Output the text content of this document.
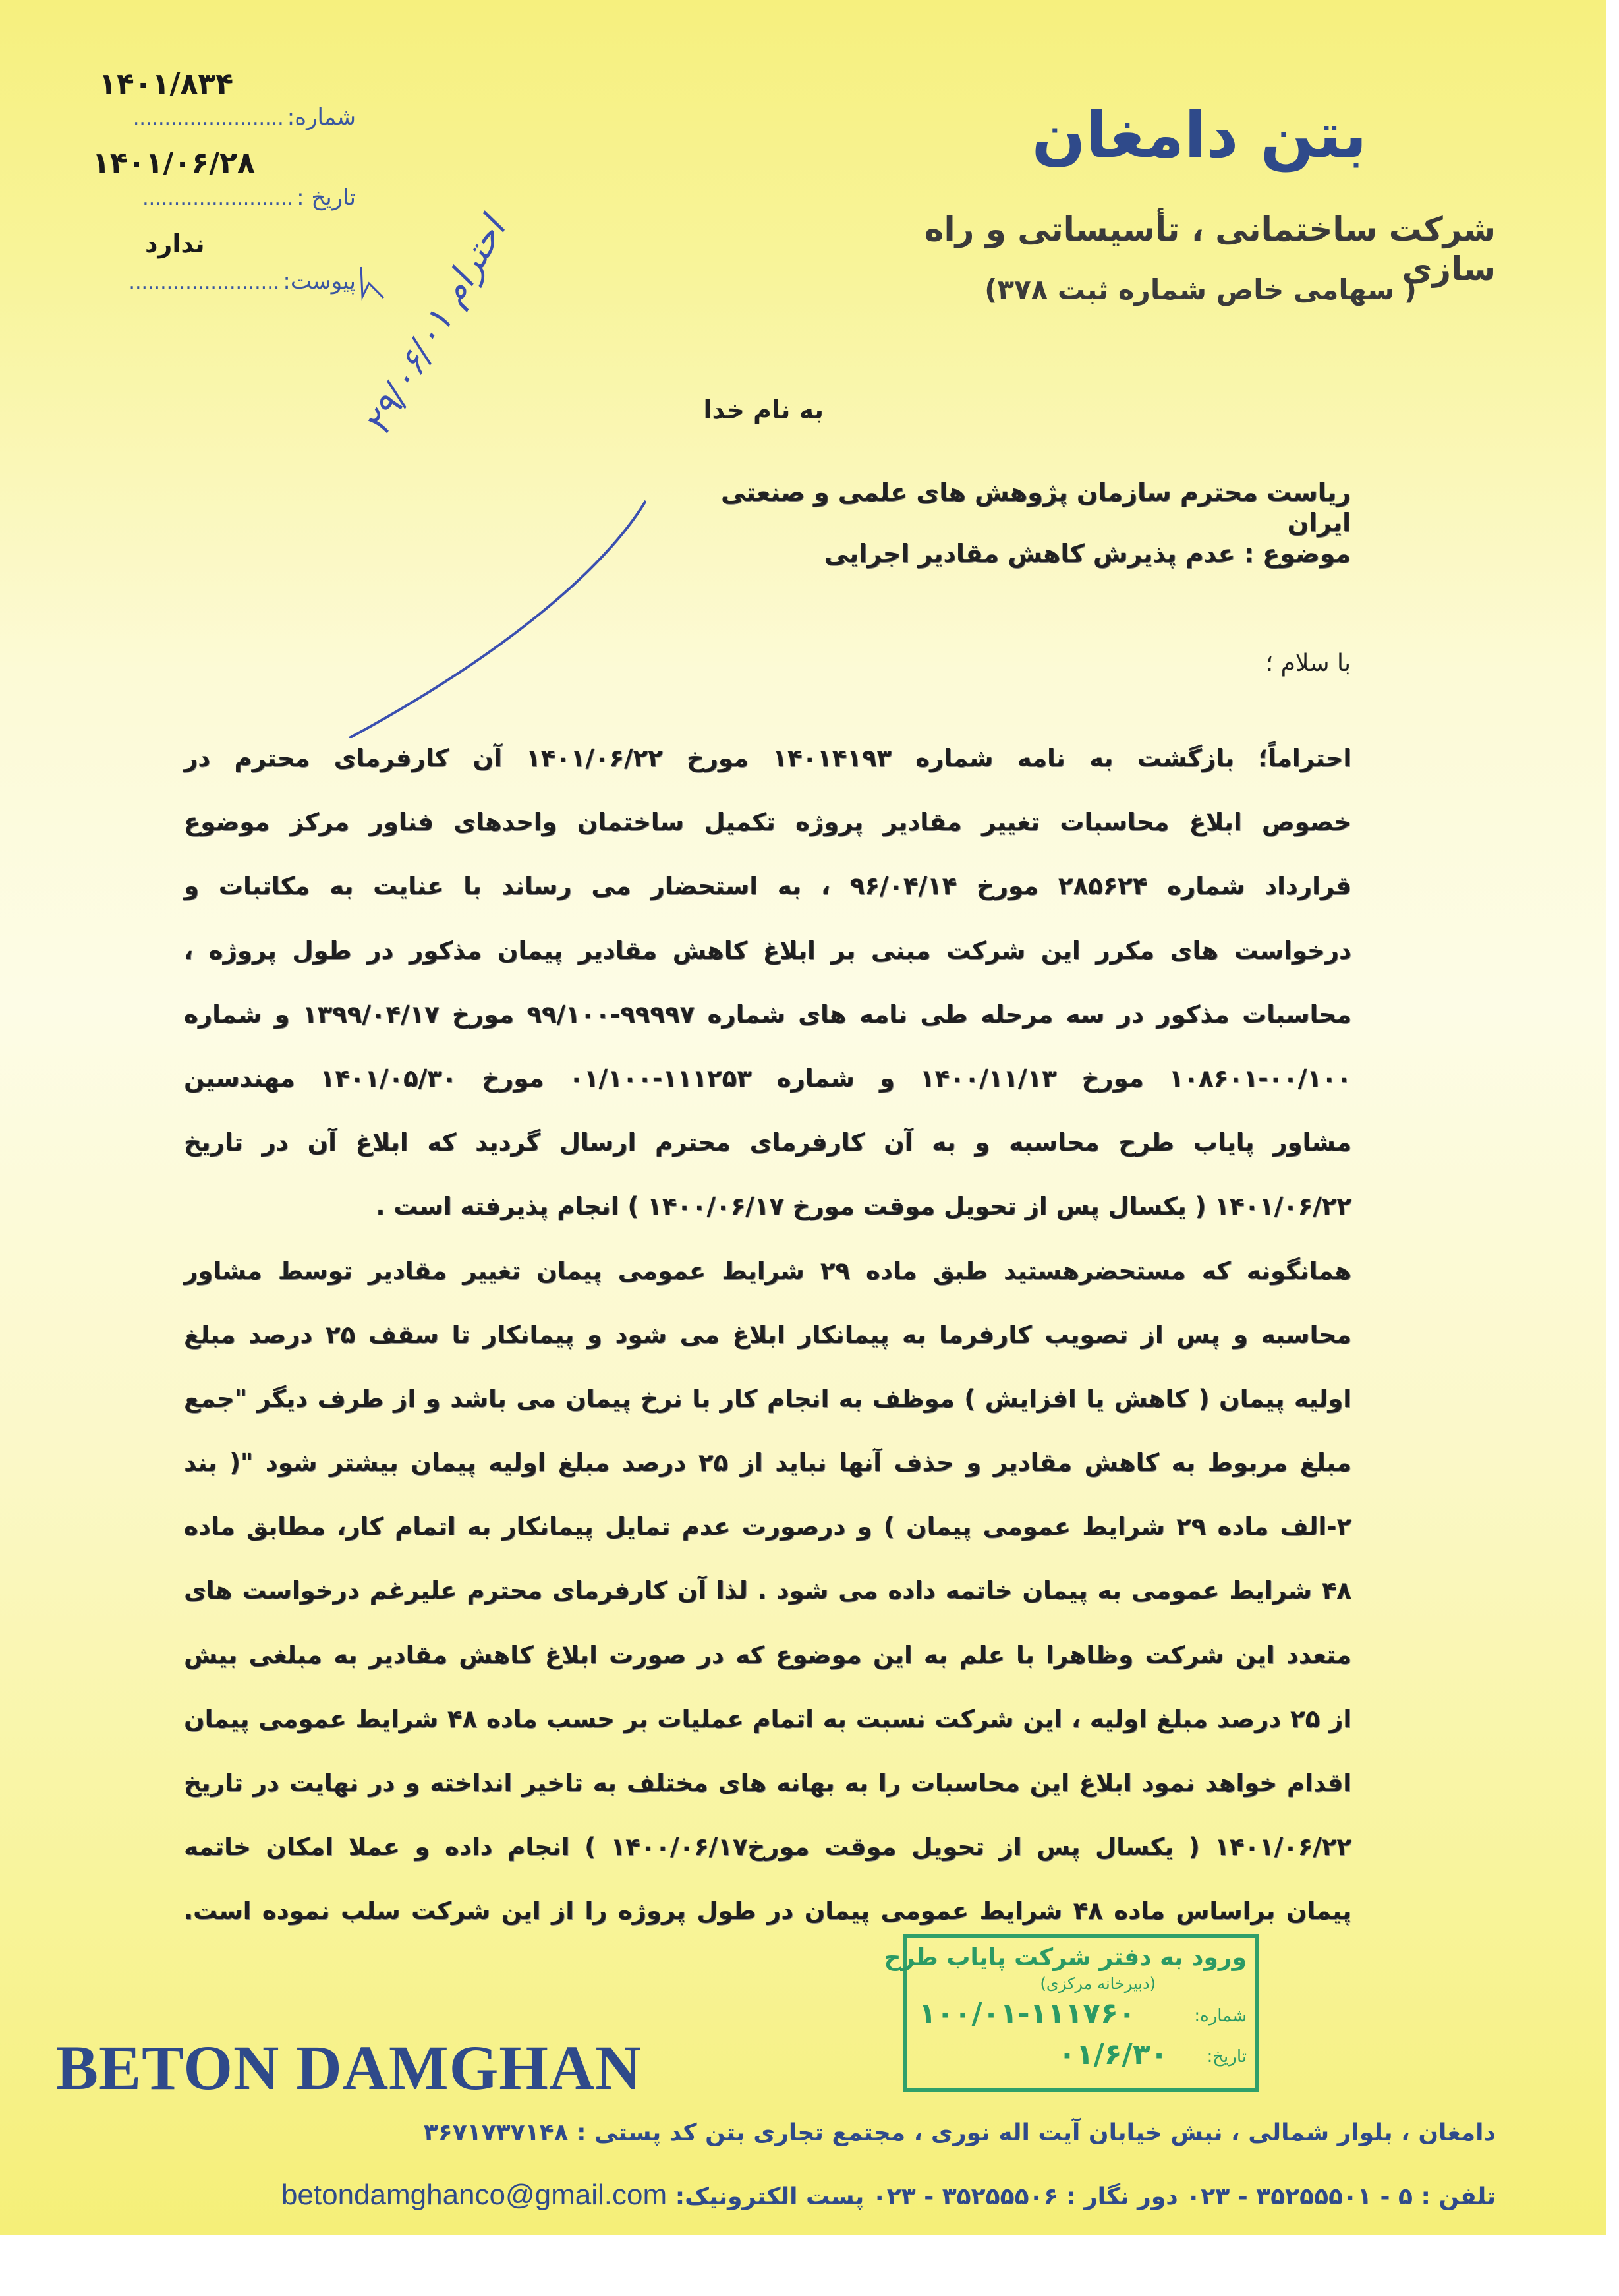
بتن دامغان
شرکت ساختمانی ، تأسیساتی و راه سازی
( سهامی خاص شماره ثبت ۳۷۸)
۱۴۰۱/۸۳۴
شماره: ........................
۱۴۰۱/۰۶/۲۸
تاریخ : ........................
ندارد
پیوست: ........................
احترام ۲۹/۰۶/۰۱
به نام خدا
ریاست محترم سازمان پژوهش های علمی و صنعتی ایران
موضوع : عدم پذیرش کاهش مقادیر اجرایی
با سلام ؛
احتراماً؛ بازگشت به نامه شماره ۱۴۰۱۴۱۹۳ مورخ ۱۴۰۱/۰۶/۲۲ آن کارفرمای محترم در
خصوص ابلاغ محاسبات تغییر مقادیر پروژه تکمیل ساختمان واحدهای فناور مرکز موضوع
قرارداد شماره ۲۸۵۶۲۴ مورخ ۹۶/۰۴/۱۴ ، به استحضار می رساند با عنایت به مکاتبات و
درخواست های مکرر این شرکت مبنی بر ابلاغ کاهش مقادیر پیمان مذکور در طول پروژه ،
محاسبات مذکور در سه مرحله طی نامه های شماره ۹۹۹۹۷-۹۹/۱۰۰ مورخ ۱۳۹۹/۰۴/۱۷ و شماره
۱۰۸۶۰۱-۰۰/۱۰۰ مورخ ۱۴۰۰/۱۱/۱۳ و شماره ۱۱۱۲۵۳-۰۱/۱۰۰ مورخ ۱۴۰۱/۰۵/۳۰ مهندسین
مشاور پایاب طرح محاسبه و به آن کارفرمای محترم ارسال گردید که ابلاغ آن در تاریخ
۱۴۰۱/۰۶/۲۲ ( یکسال پس از تحویل موقت مورخ ۱۴۰۰/۰۶/۱۷ ) انجام پذیرفته است .
همانگونه که مستحضرهستید طبق ماده ۲۹ شرایط عمومی پیمان تغییر مقادیر توسط مشاور
محاسبه و پس از تصویب کارفرما به پیمانکار ابلاغ می شود و پیمانکار تا سقف ۲۵ درصد مبلغ
اولیه پیمان ( کاهش یا افزایش ) موظف به انجام کار با نرخ پیمان می باشد و از طرف دیگر "جمع
مبلغ مربوط به کاهش مقادیر و حذف آنها نباید از ۲۵ درصد مبلغ اولیه پیمان بیشتر شود "( بند
۲-الف ماده ۲۹ شرایط عمومی پیمان ) و درصورت عدم تمایل پیمانکار به اتمام کار، مطابق ماده
۴۸ شرایط عمومی به پیمان خاتمه داده می شود . لذا آن کارفرمای محترم علیرغم درخواست های
متعدد این شرکت وظاهرا با علم به این موضوع که در صورت ابلاغ کاهش مقادیر به مبلغی بیش
از ۲۵ درصد مبلغ اولیه ، این شرکت نسبت به اتمام عملیات بر حسب ماده ۴۸ شرایط عمومی پیمان
اقدام خواهد نمود ابلاغ این محاسبات را به بهانه های مختلف به تاخیر انداخته و در نهایت در تاریخ
۱۴۰۱/۰۶/۲۲ ( یکسال پس از تحویل موقت مورخ۱۴۰۰/۰۶/۱۷ ) انجام داده و عملا امکان خاتمه
پیمان براساس ماده ۴۸ شرایط عمومی پیمان در طول پروژه را از این شرکت سلب نموده است.
ورود به دفتر شرکت پایاب طرح
(دبیرخانه مرکزی)
شماره:
۱۰۰/۰۱-۱۱۱۷۶۰
تاریخ:
۰۱/۶/۳۰
BETON DAMGHAN
دامغان ، بلوار شمالی ، نبش خیابان آیت اله نوری ، مجتمع تجاری بتن کد پستی : ۳۶۷۱۷۳۷۱۴۸
تلفن : ۵ - ۳۵۲۵۵۵۰۱ - ۰۲۳ دور نگار : ۳۵۲۵۵۵۰۶ - ۰۲۳ پست الکترونیک: betondamghanco@gmail.com
